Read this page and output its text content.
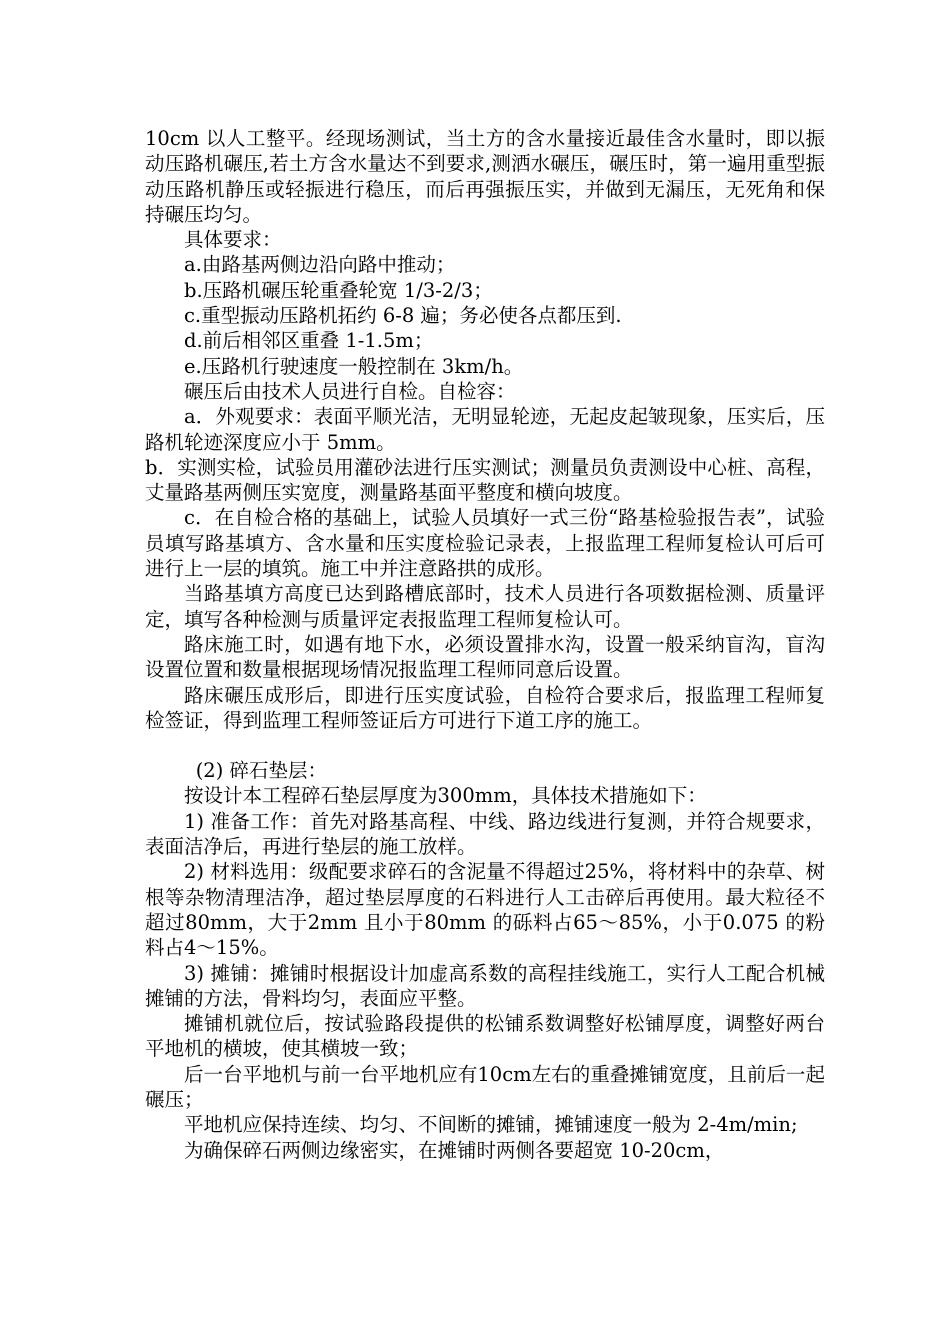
10cm 以人工整平。经现场测试，当土方的含水量接近最佳含水量时，即以振动压路机碾压,若土方含水量达不到要求,测洒水碾压，碾压时，第一遍用重型振动压路机静压或轻振进行稳压，而后再强振压实，并做到无漏压，无死角和保持碾压均匀。

具体要求：

a.由路基两侧边沿向路中推动；

b.压路机碾压轮重叠轮宽 1/3-2/3；

c.重型振动压路机拓约 6-8 遍；务必使各点都压到.

d.前后相邻区重叠 1-1.5m；

e.压路机行驶速度一般控制在 3km/h。

碾压后由技术人员进行自检。自检容：

a．外观要求：表面平顺光洁，无明显轮迹，无起皮起皱现象，压实后，压路机轮迹深度应小于 5mm。

b．实测实检，试验员用灌砂法进行压实测试；测量员负责测设中心桩、高程，丈量路基两侧压实宽度，测量路基面平整度和横向坡度。

c．在自检合格的基础上，试验人员填好一式三份“路基检验报告表”，试验员填写路基填方、含水量和压实度检验记录表，上报监理工程师复检认可后可进行上一层的填筑。施工中并注意路拱的成形。

当路基填方高度已达到路槽底部时，技术人员进行各项数据检测、质量评定，填写各种检测与质量评定表报监理工程师复检认可。

路床施工时，如遇有地下水，必须设置排水沟，设置一般采纳盲沟，盲沟设置位置和数量根据现场情况报监理工程师同意后设置。

路床碾压成形后，即进行压实度试验，自检符合要求后，报监理工程师复检签证，得到监理工程师签证后方可进行下道工序的施工。

(2) 碎石垫层：

按设计本工程碎石垫层厚度为300mm，具体技术措施如下：

1) 准备工作：首先对路基高程、中线、路边线进行复测，并符合规要求，表面洁净后，再进行垫层的施工放样。

2) 材料选用：级配要求碎石的含泥量不得超过25%，将材料中的杂草、树根等杂物清理洁净，超过垫层厚度的石料进行人工击碎后再使用。最大粒径不超过80mm，大于2mm 且小于80mm 的砾料占65～85%，小于0.075 的粉料占4～15%。

3) 摊铺：摊铺时根据设计加虚高系数的高程挂线施工，实行人工配合机械摊铺的方法，骨料均匀，表面应平整。

摊铺机就位后，按试验路段提供的松铺系数调整好松铺厚度，调整好两台平地机的横坡，使其横坡一致；

后一台平地机与前一台平地机应有10cm左右的重叠摊铺宽度，且前后一起碾压；

平地机应保持连续、均匀、不间断的摊铺，摊铺速度一般为 2-4m/min;

为确保碎石两侧边缘密实，在摊铺时两侧各要超宽 10-20cm，
